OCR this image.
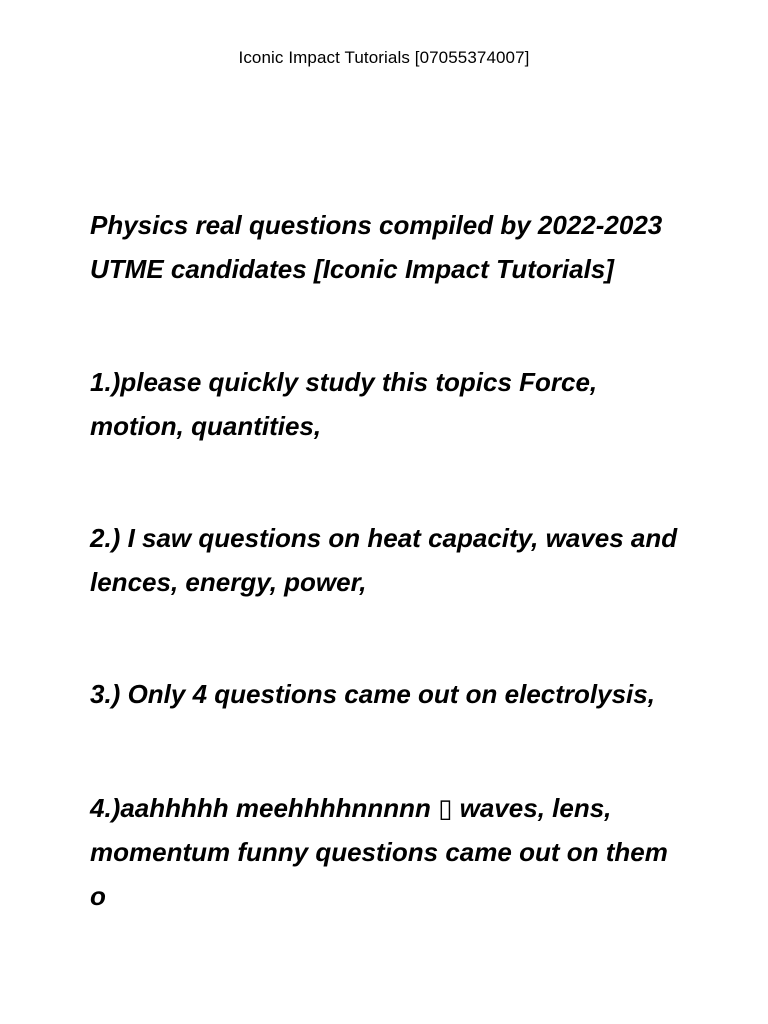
Iconic Impact Tutorials [07055374007]

Physics real questions compiled by 2022-2023 UTME candidates [Iconic Impact Tutorials]

1.)please quickly study this topics Force, motion, quantities,

2.) I saw questions on heat capacity, waves and lences, energy, power,

3.) Only 4 questions came out on electrolysis,

4.)aahhhhh meehhhhnnnnn ▯ waves, lens, momentum funny questions came out on them o
